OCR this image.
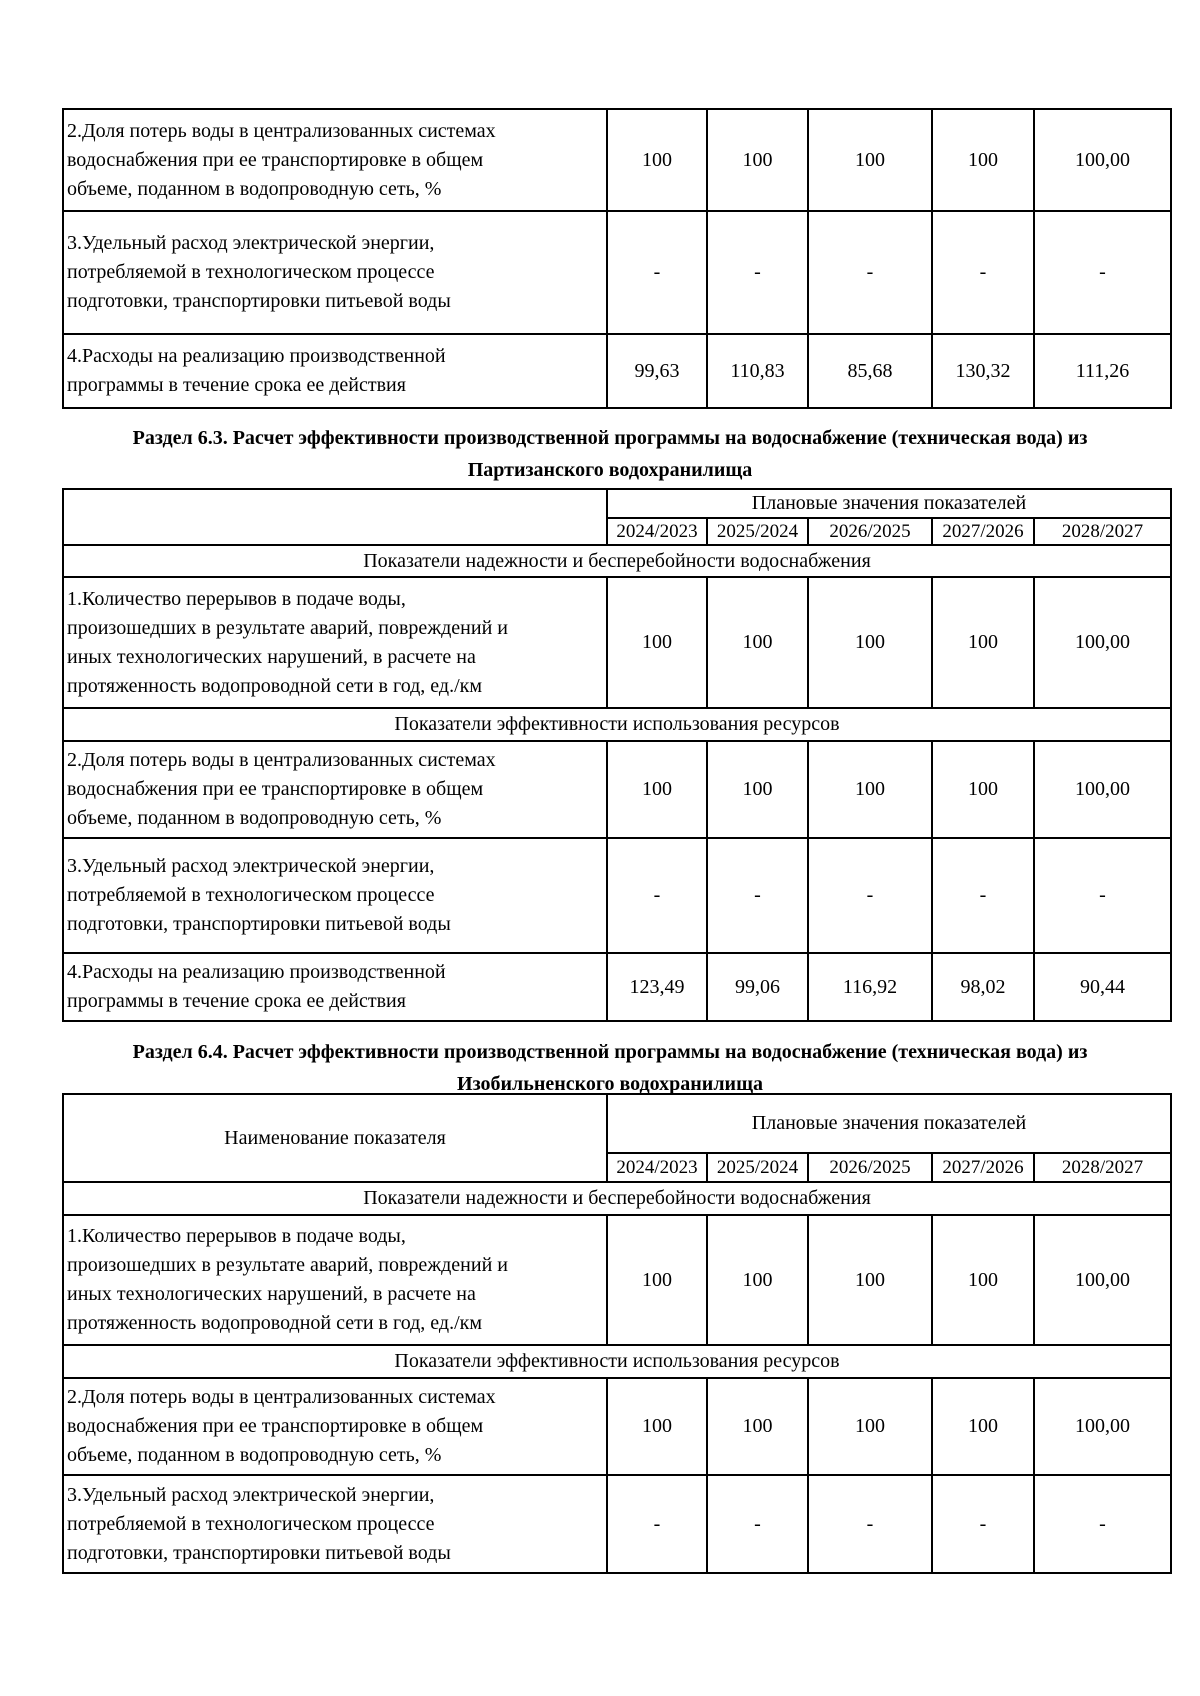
2.Доля потерь воды в централизованных системах
водоснабжения при ее транспортировке в общем
объеме, поданном в водопроводную сеть, %	100	100	100	100	100,00

3.Удельный расход электрической энергии,
потребляемой в технологическом процессе
подготовки, транспортировки питьевой воды	-	-	-	-	-

4.Расходы на реализацию производственной
программы в течение срока ее действия	99,63	110,83	85,68	130,32	111,26
Раздел 6.3. Расчет эффективности производственной программы на водоснабжение (техническая вода) из
Партизанского водохранилища
	Плановые значения показателей				
	2024/2023	2025/2024	2026/2025	2027/2026	2028/2027
Показатели надежности и бесперебойности водоснабжения					

1.Количество перерывов в подаче воды,
произошедших в результате аварий, повреждений и
иных технологических нарушений, в расчете на
протяженность водопроводной сети в год, ед./км	100	100	100	100	100,00
Показатели эффективности использования ресурсов					

2.Доля потерь воды в централизованных системах
водоснабжения при ее транспортировке в общем
объеме, поданном в водопроводную сеть, %	100	100	100	100	100,00

3.Удельный расход электрической энергии,
потребляемой в технологическом процессе
подготовки, транспортировки питьевой воды	-	-	-	-	-

4.Расходы на реализацию производственной
программы в течение срока ее действия	123,49	99,06	116,92	98,02	90,44
Раздел 6.4. Расчет эффективности производственной программы на водоснабжение (техническая вода) из
Изобильненского водохранилища
Наименование показателя	Плановые значения показателей				
	2024/2023	2025/2024	2026/2025	2027/2026	2028/2027
Показатели надежности и бесперебойности водоснабжения					

1.Количество перерывов в подаче воды,
произошедших в результате аварий, повреждений и
иных технологических нарушений, в расчете на
протяженность водопроводной сети в год, ед./км	100	100	100	100	100,00
Показатели эффективности использования ресурсов					

2.Доля потерь воды в централизованных системах
водоснабжения при ее транспортировке в общем
объеме, поданном в водопроводную сеть, %	100	100	100	100	100,00

3.Удельный расход электрической энергии,
потребляемой в технологическом процессе
подготовки, транспортировки питьевой воды	-	-	-	-	-
